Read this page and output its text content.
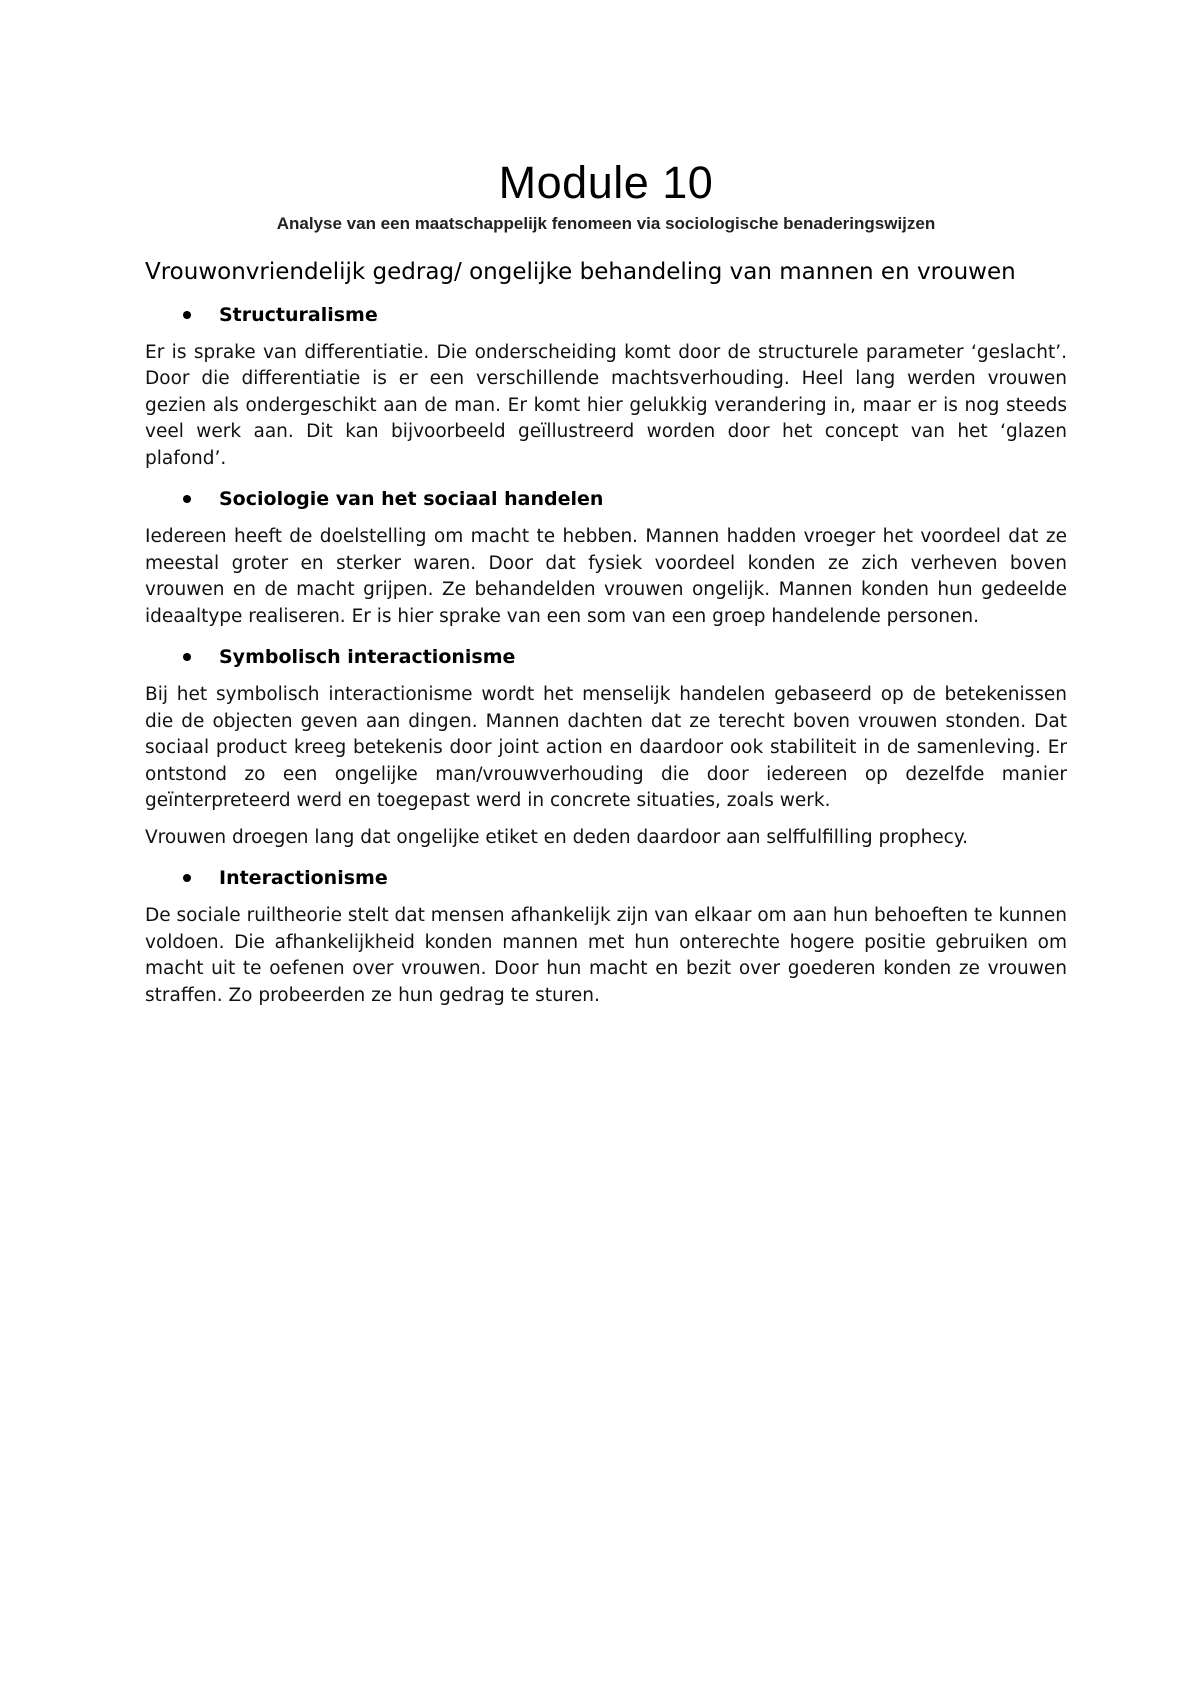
Module 10
Analyse van een maatschappelijk fenomeen via sociologische benaderingswijzen
Vrouwonvriendelijk gedrag/ ongelijke behandeling van mannen en vrouwen
Structuralisme

Er is sprake van differentiatie. Die onderscheiding komt door de structurele parameter ‘geslacht’. Door die differentiatie is er een verschillende machtsverhouding. Heel lang werden vrouwen gezien als ondergeschikt aan de man. Er komt hier gelukkig verandering in, maar er is nog steeds veel werk aan. Dit kan bijvoorbeeld geïllustreerd worden door het concept van het ‘glazen plafond’.

Sociologie van het sociaal handelen

Iedereen heeft de doelstelling om macht te hebben. Mannen hadden vroeger het voordeel dat ze meestal groter en sterker waren. Door dat fysiek voordeel konden ze zich verheven boven vrouwen en de macht grijpen. Ze behandelden vrouwen ongelijk. Mannen konden hun gedeelde ideaaltype realiseren. Er is hier sprake van een som van een groep handelende personen.

Symbolisch interactionisme

Bij het symbolisch interactionisme wordt het menselijk handelen gebaseerd op de betekenissen die de objecten geven aan dingen. Mannen dachten dat ze terecht boven vrouwen stonden. Dat sociaal product kreeg betekenis door joint action en daardoor ook stabiliteit in de samenleving. Er ontstond zo een ongelijke man/vrouwverhouding die door iedereen op dezelfde manier geïnterpreteerd werd en toegepast werd in concrete situaties, zoals werk.

Vrouwen droegen lang dat ongelijke etiket en deden daardoor aan selffulfilling prophecy.

Interactionisme

De sociale ruiltheorie stelt dat mensen afhankelijk zijn van elkaar om aan hun behoeften te kunnen voldoen. Die afhankelijkheid konden mannen met hun onterechte hogere positie gebruiken om macht uit te oefenen over vrouwen. Door hun macht en bezit over goederen konden ze vrouwen straffen. Zo probeerden ze hun gedrag te sturen.
